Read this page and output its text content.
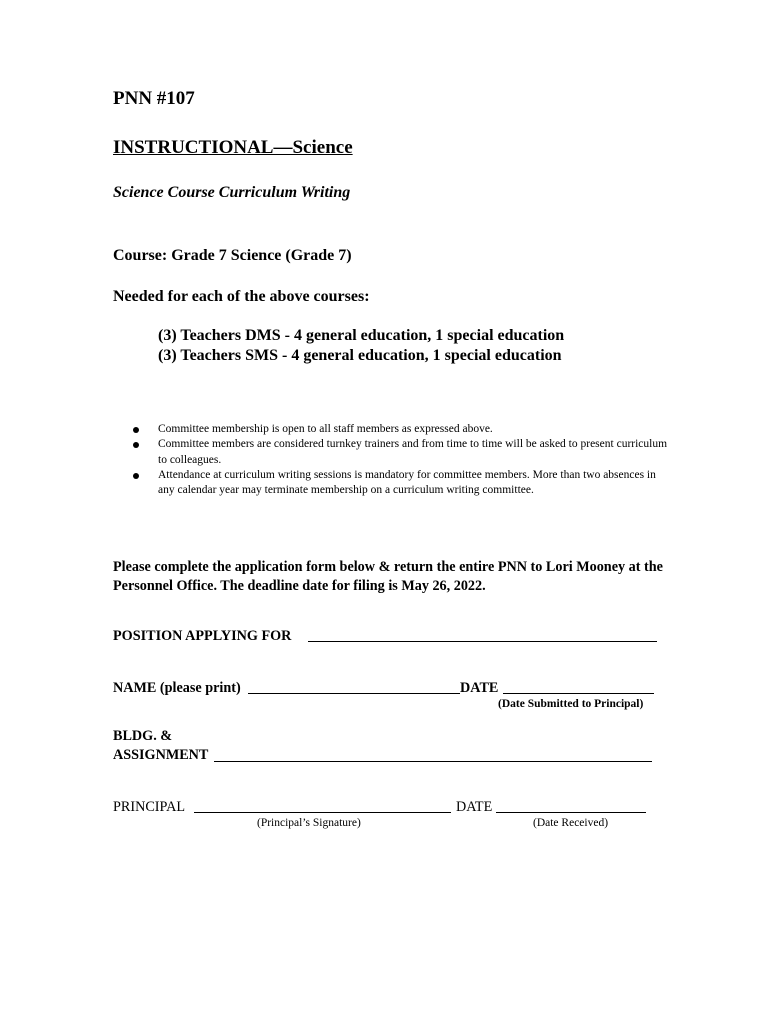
PNN #107
INSTRUCTIONAL—Science
Science Course Curriculum Writing
Course: Grade 7 Science (Grade 7)
Needed for each of the above courses:
(3) Teachers DMS - 4 general education, 1 special education
(3) Teachers SMS - 4 general education, 1 special education
Committee membership is open to all staff members as expressed above.
Committee members are considered turnkey trainers and from time to time will be asked to present curriculum to colleagues.
Attendance at curriculum writing sessions is mandatory for committee members. More than two absences in any calendar year may terminate membership on a curriculum writing committee.
Please complete the application form below & return the entire PNN to Lori Mooney at the Personnel Office. The deadline date for filing is May 26, 2022.
POSITION APPLYING FOR
NAME (please print)	DATE
(Date Submitted to Principal)
BLDG. &
ASSIGNMENT
PRINCIPAL	DATE
(Principal’s Signature)	(Date Received)
